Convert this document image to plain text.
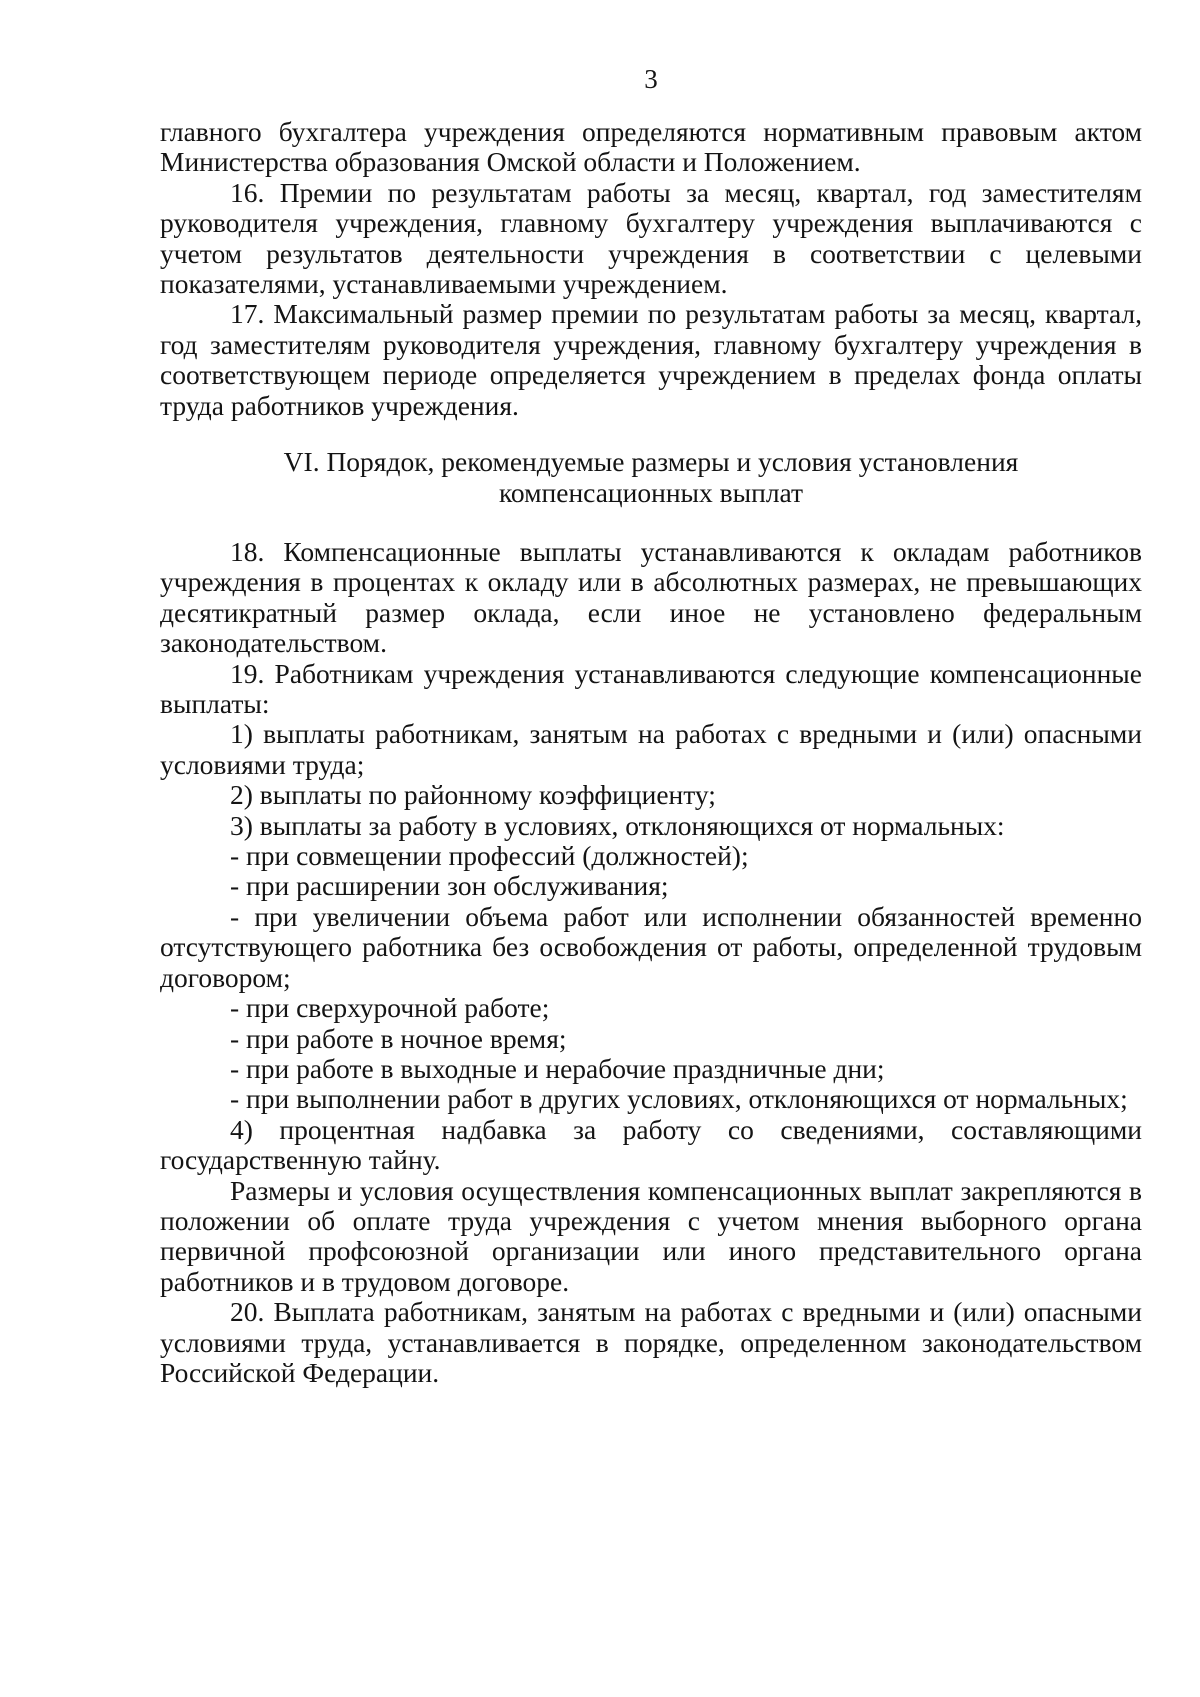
3

главного бухгалтера учреждения определяются нормативным правовым актом Министерства образования Омской области и Положением.

16. Премии по результатам работы за месяц, квартал, год заместителям руководителя учреждения, главному бухгалтеру учреждения выплачиваются с учетом результатов деятельности учреждения в соответствии с целевыми показателями, устанавливаемыми учреждением.

17. Максимальный размер премии по результатам работы за месяц, квартал, год заместителям руководителя учреждения, главному бухгалтеру учреждения в соответствующем периоде определяется учреждением в пределах фонда оплаты труда работников учреждения.

VI. Порядок, рекомендуемые размеры и условия установления
компенсационных выплат

18. Компенсационные выплаты устанавливаются к окладам работников учреждения в процентах к окладу или в абсолютных размерах, не превышающих десятикратный размер оклада, если иное не установлено федеральным законодательством.

19. Работникам учреждения устанавливаются следующие компенсационные выплаты:

1) выплаты работникам, занятым на работах с вредными и (или) опасными условиями труда;

2) выплаты по районному коэффициенту;

3) выплаты за работу в условиях, отклоняющихся от нормальных:

- при совмещении профессий (должностей);

- при расширении зон обслуживания;

- при увеличении объема работ или исполнении обязанностей временно отсутствующего работника без освобождения от работы, определенной трудовым договором;

- при сверхурочной работе;

- при работе в ночное время;

- при работе в выходные и нерабочие праздничные дни;

- при выполнении работ в других условиях, отклоняющихся от нормальных;

4) процентная надбавка за работу со сведениями, составляющими государственную тайну.

Размеры и условия осуществления компенсационных выплат закрепляются в положении об оплате труда учреждения с учетом мнения выборного органа первичной профсоюзной организации или иного представительного органа работников и в трудовом договоре.

20. Выплата работникам, занятым на работах с вредными и (или) опасными условиями труда, устанавливается в порядке, определенном законодательством Российской Федерации.
